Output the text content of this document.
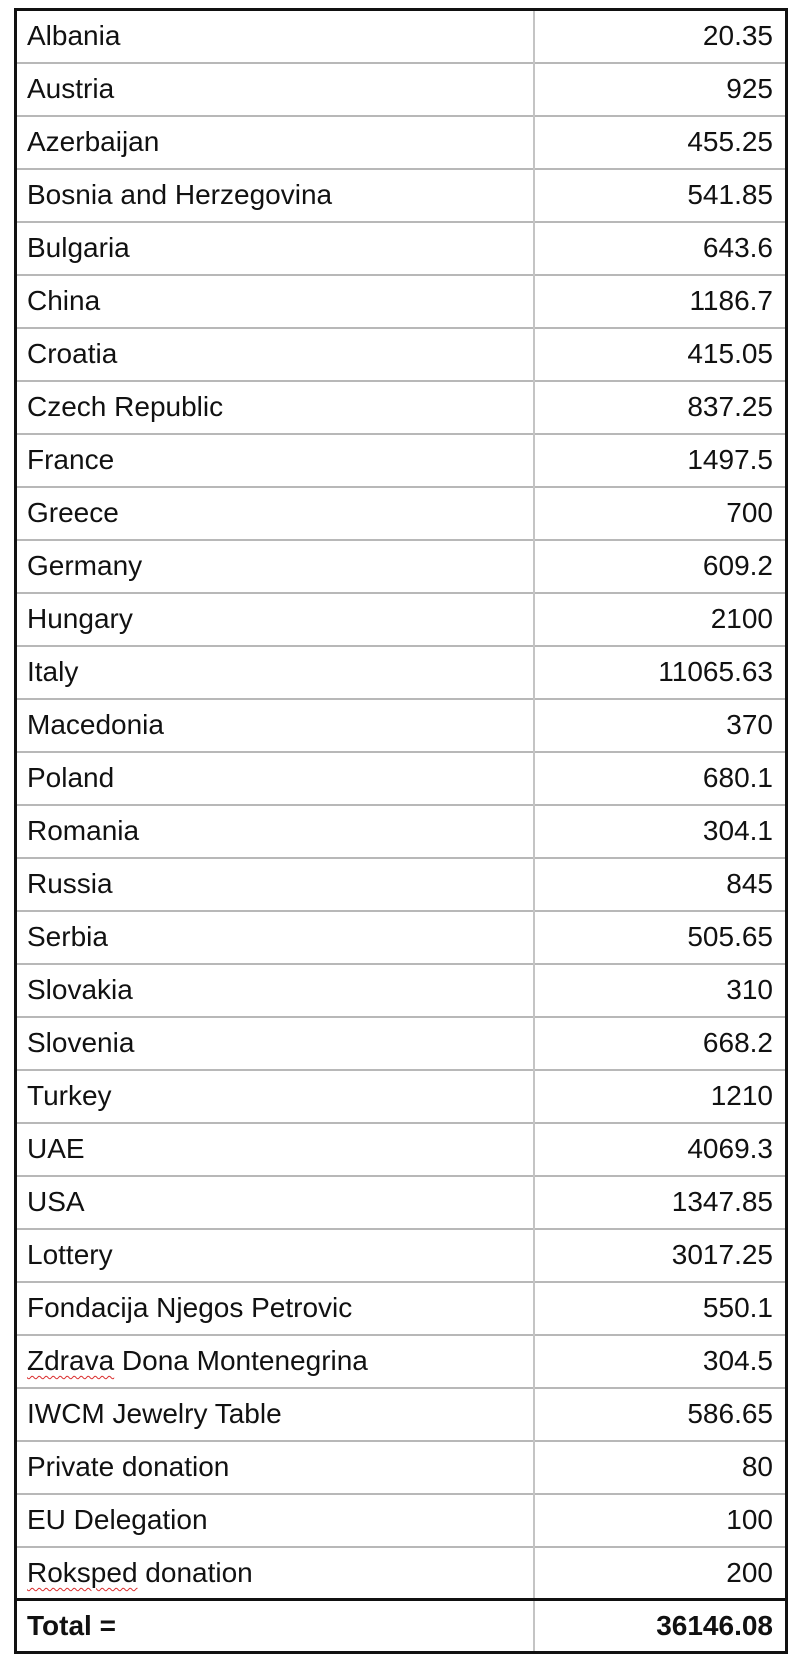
Albania	20.35
Austria	925
Azerbaijan	455.25
Bosnia and Herzegovina	541.85
Bulgaria	643.6
China	1186.7
Croatia	415.05
Czech Republic	837.25
France	1497.5
Greece	700
Germany	609.2
Hungary	2100
Italy	11065.63
Macedonia	370
Poland	680.1
Romania	304.1
Russia	845
Serbia	505.65
Slovakia	310
Slovenia	668.2
Turkey	1210
UAE	4069.3
USA	1347.85
Lottery	3017.25
Fondacija Njegos Petrovic	550.1
Zdrava Dona Montenegrina	304.5
IWCM Jewelry Table	586.65
Private donation	80
EU Delegation	100
Roksped donation	200
Total =	36146.08
